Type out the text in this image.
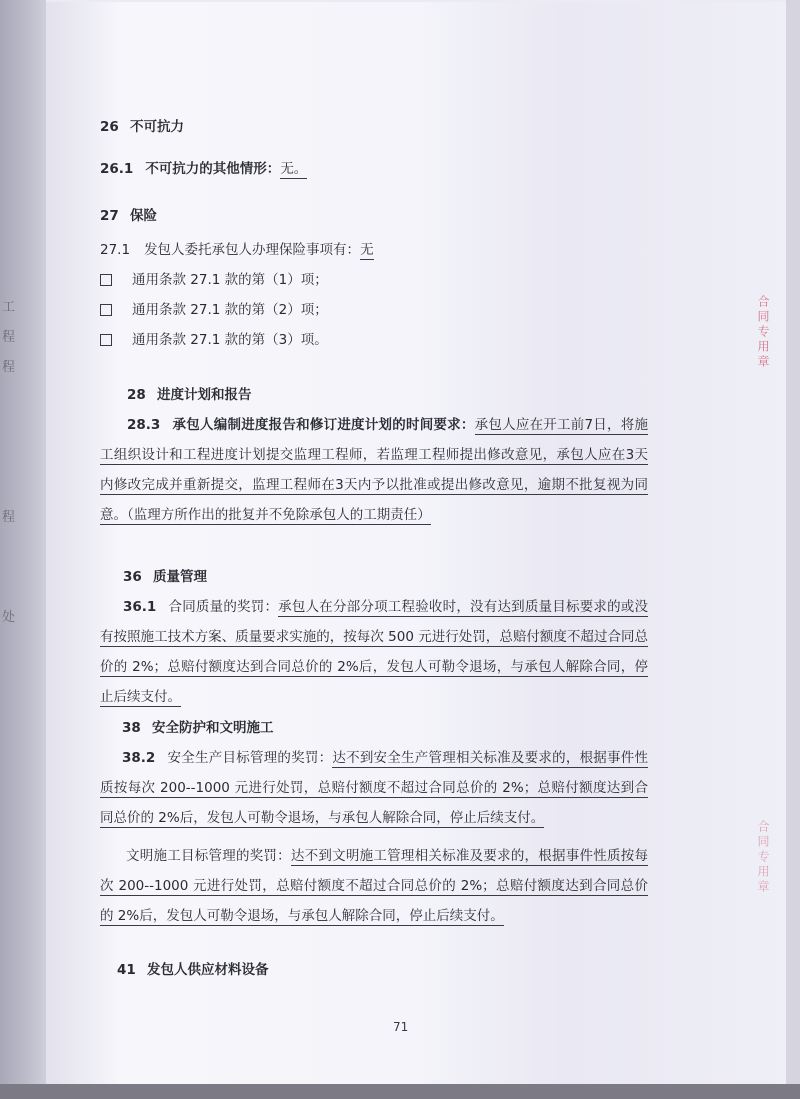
工
程
程
程
处
合同专用章
合同专用章
26 不可抗力
26.1 不可抗力的其他情形：无。
27 保险
27.1 发包人委托承包人办理保险事项有：无
通用条款 27.1 款的第（1）项；
通用条款 27.1 款的第（2）项；
通用条款 27.1 款的第（3）项。
28 进度计划和报告
28.3 承包人编制进度报告和修订进度计划的时间要求：承包人应在开工前7日，将施工组织设计和工程进度计划提交监理工程师，若监理工程师提出修改意见，承包人应在3天内修改完成并重新提交，监理工程师在3天内予以批准或提出修改意见，逾期不批复视为同意。（监理方所作出的批复并不免除承包人的工期责任）
36 质量管理
36.1 合同质量的奖罚：承包人在分部分项工程验收时，没有达到质量目标要求的或没有按照施工技术方案、质量要求实施的，按每次 500 元进行处罚，总赔付额度不超过合同总价的 2%；总赔付额度达到合同总价的 2%后，发包人可勒令退场，与承包人解除合同，停止后续支付。
38 安全防护和文明施工
38.2 安全生产目标管理的奖罚：达不到安全生产管理相关标准及要求的，根据事件性质按每次 200--1000 元进行处罚，总赔付额度不超过合同总价的 2%；总赔付额度达到合同总价的 2%后，发包人可勒令退场，与承包人解除合同，停止后续支付。
文明施工目标管理的奖罚：达不到文明施工管理相关标准及要求的，根据事件性质按每次 200--1000 元进行处罚，总赔付额度不超过合同总价的 2%；总赔付额度达到合同总价的 2%后，发包人可勒令退场，与承包人解除合同，停止后续支付。
41 发包人供应材料设备
71
